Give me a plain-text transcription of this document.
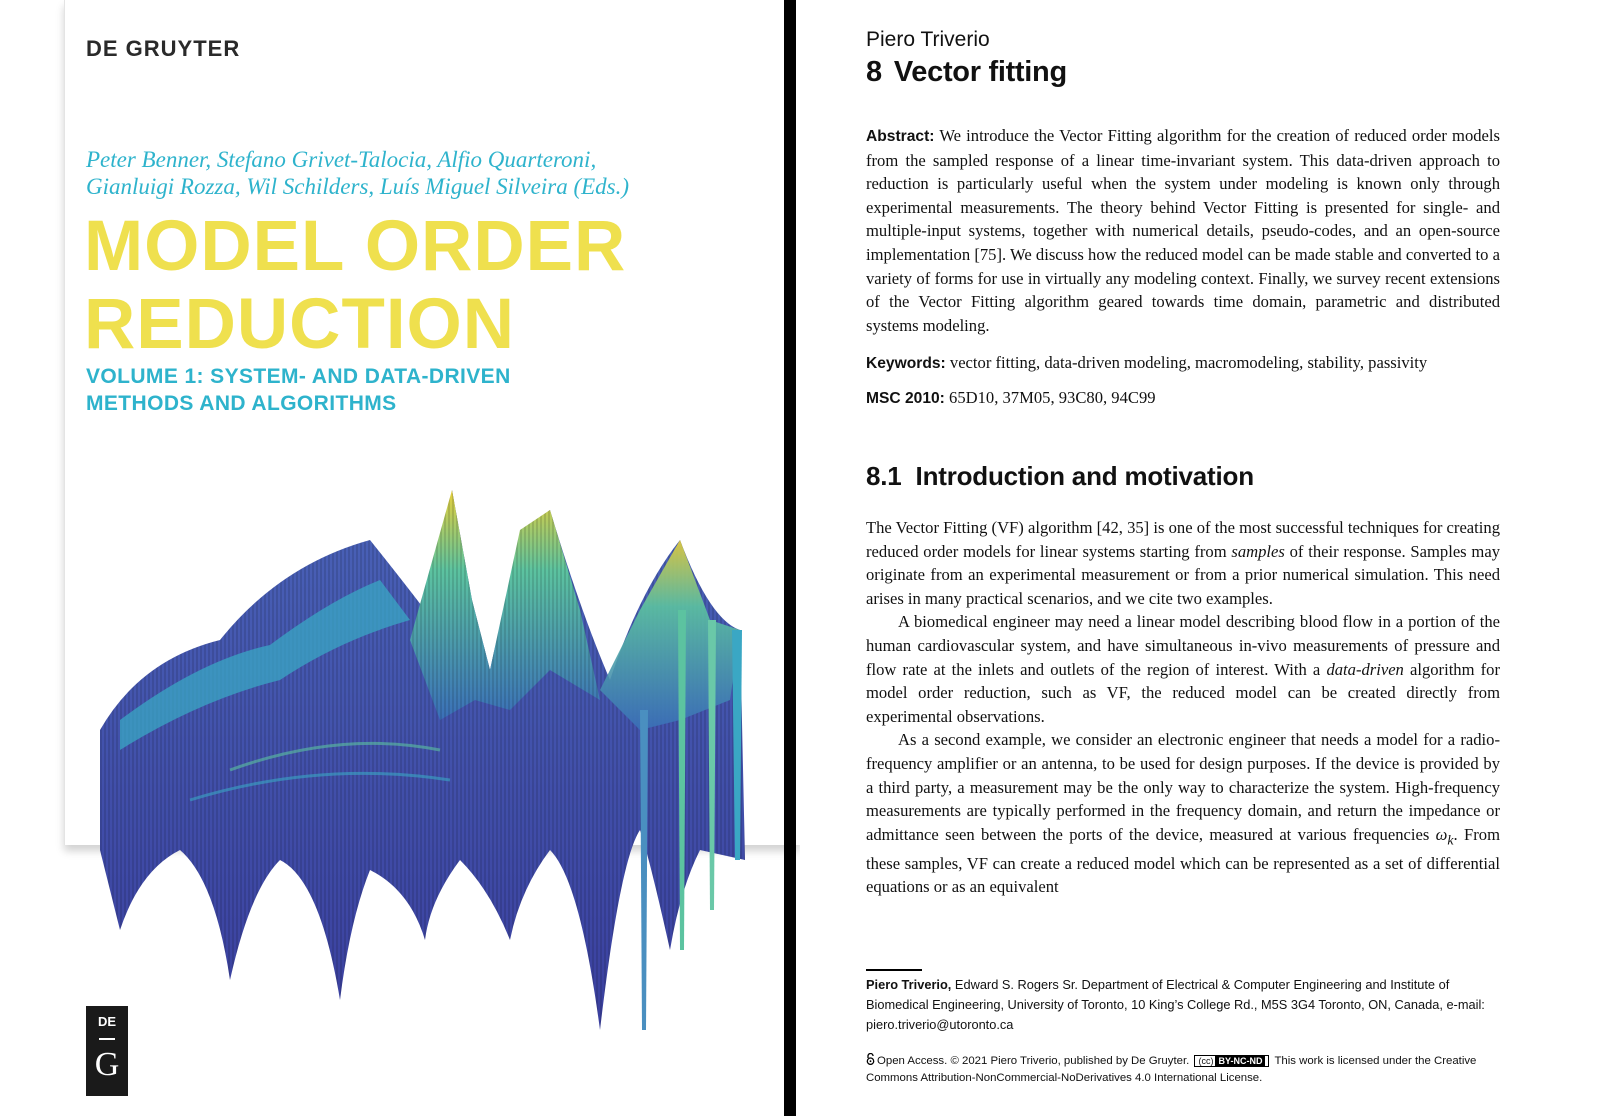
DE GRUYTER
Peter Benner, Stefano Grivet-Talocia, Alfio Quarteroni,
Gianluigi Rozza, Wil Schilders, Luís Miguel Silveira (Eds.)
MODEL ORDER
REDUCTION
VOLUME 1: SYSTEM- AND DATA-DRIVEN
METHODS AND ALGORITHMS
DE
G
Piero Triverio
8 Vector fitting
Abstract: We introduce the Vector Fitting algorithm for the creation of reduced order models from the sampled response of a linear time-invariant system. This data-driven approach to reduction is particularly useful when the system under modeling is known only through experimental measurements. The theory behind Vector Fitting is presented for single- and multiple-input systems, together with numerical details, pseudo-codes, and an open-source implementation [75]. We discuss how the reduced model can be made stable and converted to a variety of forms for use in virtually any modeling context. Finally, we survey recent extensions of the Vector Fitting algorithm geared towards time domain, parametric and distributed systems modeling.
Keywords: vector fitting, data-driven modeling, macromodeling, stability, passivity
MSC 2010: 65D10, 37M05, 93C80, 94C99
8.1 Introduction and motivation
The Vector Fitting (VF) algorithm [42, 35] is one of the most successful techniques for creating reduced order models for linear systems starting from samples of their response. Samples may originate from an experimental measurement or from a prior numerical simulation. This need arises in many practical scenarios, and we cite two examples.
A biomedical engineer may need a linear model describing blood flow in a portion of the human cardiovascular system, and have simultaneous in-vivo measurements of pressure and flow rate at the inlets and outlets of the region of interest. With a data-driven algorithm for model order reduction, such as VF, the reduced model can be created directly from experimental observations.
As a second example, we consider an electronic engineer that needs a model for a radio-frequency amplifier or an antenna, to be used for design purposes. If the device is provided by a third party, a measurement may be the only way to characterize the system. High-frequency measurements are typically performed in the frequency domain, and return the impedance or admittance seen between the ports of the device, measured at various frequencies $\omega_k$. From these samples, VF can create a reduced model which can be represented as a set of differential equations or as an equivalent
Piero Triverio, Edward S. Rogers Sr. Department of Electrical & Computer Engineering and Institute of Biomedical Engineering, University of Toronto, 10 King’s College Rd., M5S 3G4 Toronto, ON, Canada, e-mail: piero.triverio@utoronto.ca
Open Access. © 2021 Piero Triverio, published by De Gruyter. (cc) BY-NC-ND This work is licensed under the Creative Commons Attribution-NonCommercial-NoDerivatives 4.0 International License.
